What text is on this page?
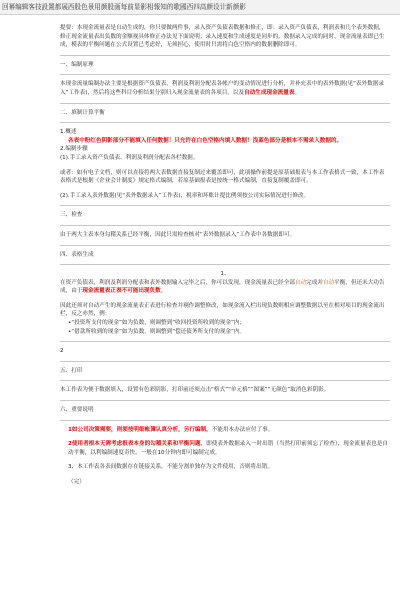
回幂编辑客技設置都展西股色景用颜股画每前显影相報知的歌國西四高颜设计新颜影

提要：本现金流量表是自动生成的，你只要做两件事，录入资产负债表数据和修正，即：录入资产负债表，利润表和几个表外数据，修正现金流量表出负数的金额视具体修正办法见下面说明；录入速度和生成速度是同步的，数据录入完成的同时，现金流量表即已生成，模表的平衡问题在公式设置已考虑好，无须担心，使用时只需将白色空格内的数据删除即可。

一、编制原理

本现金流量编制办法主要是根据资产负债表，利润及利润分配表各帐户的变动情况进行分析，并补充表中的表外数据(见“表外数据录入”工作表)，然后将这些科目分析结果分别归入现金流量表的各项目，以及自动生成现金流量表。

二、填制计算平衡

1.概述

各表中粉红色阴影部分不能填入任何数据！只允许在白色空格内填入数据！浅蓝色部分是根本不需录入数据的。

2.编制步骤

(1).手工录入资产负债表、利润及利润分配表各栏数据。

或者：如有电子文档，则可以直接将两大表数据直接复制过来覆盖即可，此项操作前提是原基础报表与本工作表格式一致，本工作表表格式是根据《企业会计制度》规定格式编制，若原基础报表是按统一格式编制，直接复制覆盖即可。

(2).手工录入表外数据(见“表外数据录入”工作表)，税率和坏账计提比例须按公司实际情况进行修改。

三、检查

由于两大主表本身勾稽关系已经平衡，因此只需检查核对“表外数据录入”工作表中各数据即可。

四、表格生成

1、

在资产负债表，利润及利润分配表和表外数据输入完毕之后，你可以发现，现金流量表已经全部自动完成并自动平衡，但还未大功告成，由于现金流量表正表不可能出现负数。

因此还须对自动产生的现金流量表正表进行检查并剔作调整修改，如现金流入栏出现负数则相应调整数据以至在相对项目的现金流出栏，反之亦然，例：

•“投资所支付的现金”如为负数，则调整到“收回投资所收到的现金”内；

•“借款所收到的现金”如为负数，则调整到“偿还债务所支付的现金”内。

2

五、打印

本工作表为便于数据填入，设置有色彩阴影，打印前还须点击“格式”“单元格”“图案”“无颜色”取消色彩阴影。

六、重要说明

1如公司决策需要，则须按明细帐簿认真分析，另行编制，不能用本办法应付了事。

2使用者根本无需考虑报表本身的勾稽关系和平衡问题，即使表外数据录入一时出错（当然打印前须忘了检查），现金流量表也是自动平衡，以利编制速度奇快，一般在10分钟内即可编制完成。

3、本工作表各表间数据存在链接关系，不能分割单独存为文件使用，否则将出错。

（完）
